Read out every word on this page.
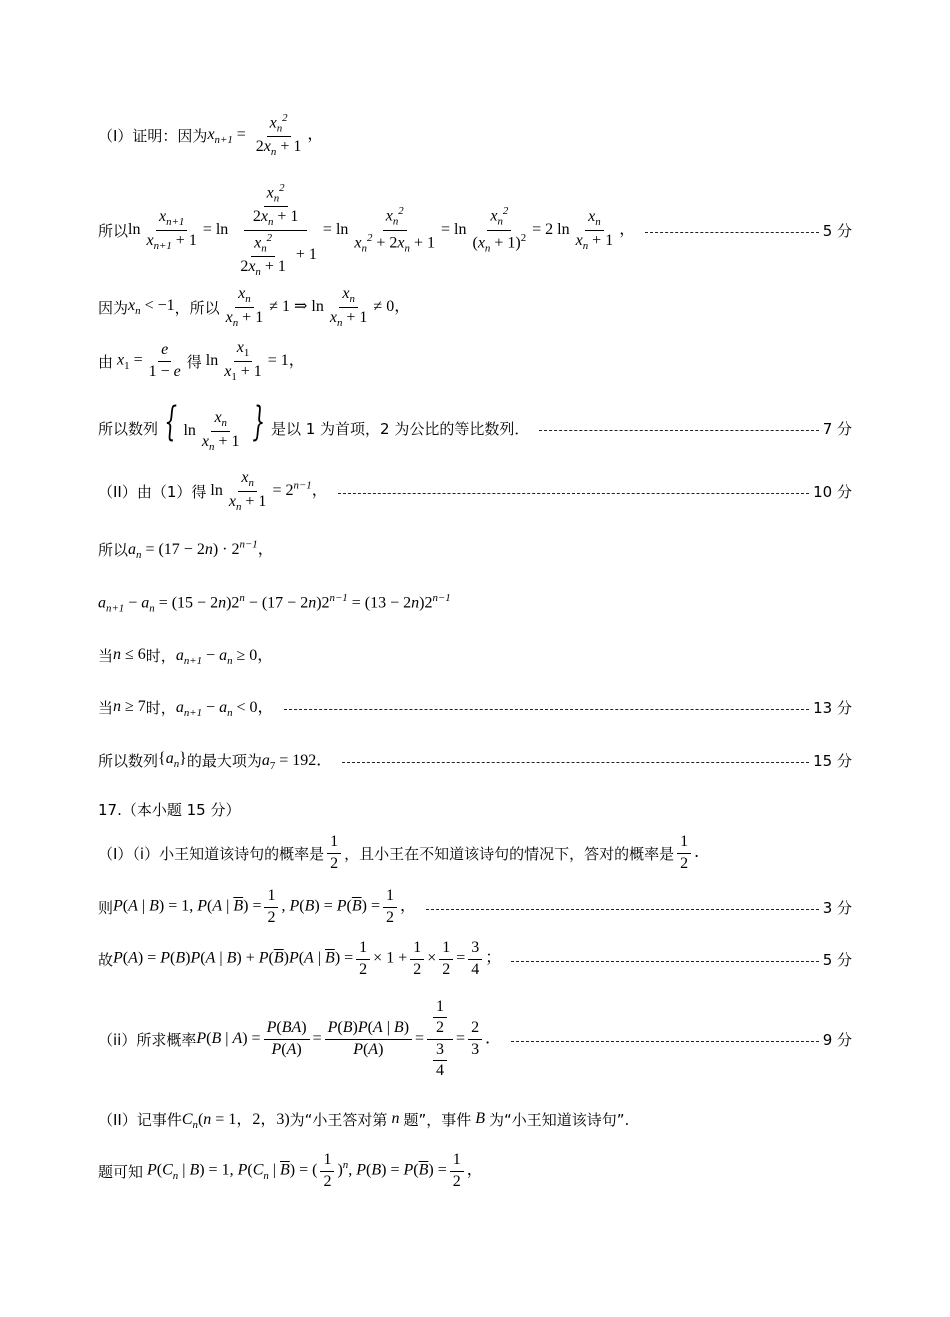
（I）证明：因为 $x_{n+1} = \frac{x_n^2}{2x_n + 1}$ ，
所以 $\ln \frac{x_{n+1}}{x_{n+1} + 1} = \ln \frac{\frac{x_n^2}{2x_n + 1}}{\frac{x_n^2}{2x_n + 1} + 1} = \ln \frac{x_n^2}{x_n^2 + 2x_n + 1} = \ln \frac{x_n^2}{(x_n + 1)^2} = 2$ $\ln \frac{x_n}{x_n + 1}$ ，	5 分
因为 $x_n < -1$ ，所以 $\frac{x_n}{x_n + 1} \ne 1$ ⇒ $\ln \frac{x_n}{x_n + 1} \ne 0$，
由 $x_1 = \frac{e}{1 - e}$ 得 $\ln \frac{x_1}{x_1 + 1} = 1$，
所以数列 { $\ln \frac{x_n}{x_n + 1}$ } 是以 1 为首项，2 为公比的等比数列．	7 分
（II）由（1）得 $\ln \frac{x_n}{x_n + 1} = 2^{n-1}$，	10 分
所以 $a_n = (17 - 2n) \cdot 2^{n-1}$，
$a_{n+1} - a_n = (15 - 2n)2^n - (17 - 2n)2^{n-1} = (13 - 2n)2^{n-1}$
当 n ≤ 6 时， $a_{n+1} - a_n \ge 0$，
当 n ≥ 7 时， $a_{n+1} - a_n < 0$，	13 分
所以数列 $\{a_n\}$ 的最大项为 $a_7 = 192$．	15 分
17.（本小题 15 分）
（I）（i）小王知道该诗句的概率是 $\frac{1}{2}$ ，且小王在不知道该诗句的情况下，答对的概率是 $\frac{1}{2}$ ．
则 P(A | B) = 1, P(A | $\overline{B}) = \frac{1}{2}$ , $P(B) = P(\overline{B}) = \frac{1}{2}$ ，	3 分
故 P(A) = P(B)P(A | $B) + P(\overline{B})P(A$ | $\overline{B}) = \frac{1}{2} \times 1 + \frac{1}{2} \times \frac{1}{2} = \frac{3}{4}$ ；	5 分
（ii）所求概率 P(B | $A) = \frac{P(BA)}{P(A)} = \frac{P(B)P(A | B)}{P(A)} = \frac{\frac{1}{2}}{\frac{3}{4}} = \frac{2}{3}$ ．	9 分
（II）记事件 $C_n(n = 1$，2，3) 为“小王答对第 n 题”，事件 B 为“小王知道该诗句”.
题可知 $P(C_n$ | B) = 1, $P(C_n$ | $\overline{B}$) = ( $\frac{1}{2} )^n$, $P(B) = P(\overline{B}) = \frac{1}{2}$ ，
